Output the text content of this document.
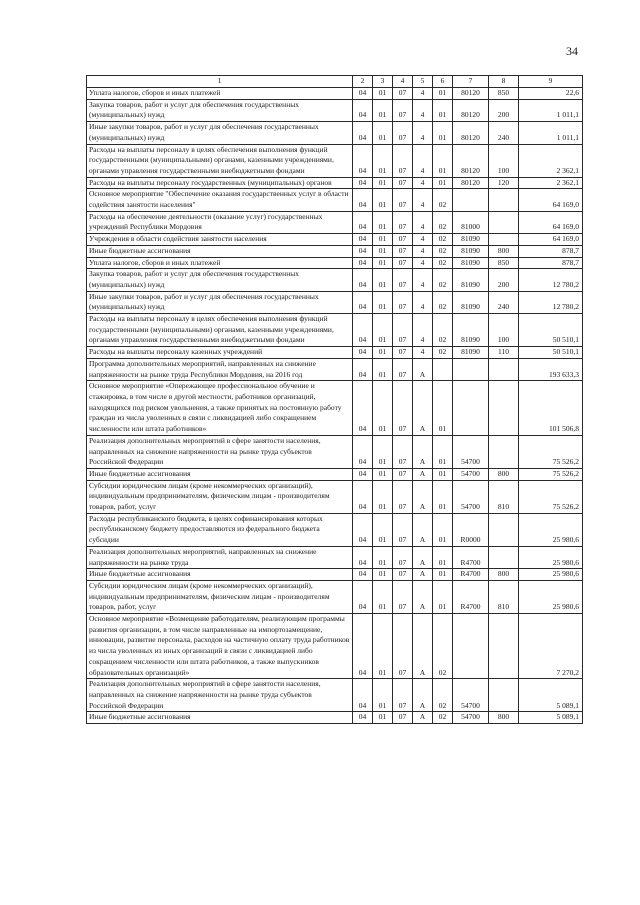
34
1	2	3	4	5	6	7	8	9
Уплата налогов, сборов и иных платежей	04	01	07	4	01	80120	850	22,6
Закупка товаров, работ и услуг для обеспечения государственных (муниципальных) нужд	04	01	07	4	01	80120	200	1 011,1
Иные закупки товаров, работ и услуг для обеспечения государственных (муниципальных) нужд	04	01	07	4	01	80120	240	1 011,1
Расходы на выплаты персоналу в целях обеспечения выполнения функций государственными (муниципальными) органами, казенными учреждениями, органами управления государственными внебюджетными фондами	04	01	07	4	01	80120	100	2 362,1
Расходы на выплаты персоналу государственных (муниципальных) органов	04	01	07	4	01	80120	120	2 362,1
Основное мероприятие "Обеспечение оказания государственных услуг в области содействия занятости населения"	04	01	07	4	02			64 169,0
Расходы на обеспечение деятельности (оказание услуг) государственных учреждений Республики Мордовия	04	01	07	4	02	81000		64 169,0
Учреждения в области содействия занятости населения	04	01	07	4	02	81090		64 169,0
Иные бюджетные ассигнования	04	01	07	4	02	81090	800	878,7
Уплата налогов, сборов и иных платежей	04	01	07	4	02	81090	850	878,7
Закупка товаров, работ и услуг для обеспечения государственных (муниципальных) нужд	04	01	07	4	02	81090	200	12 780,2
Иные закупки товаров, работ и услуг для обеспечения государственных (муниципальных) нужд	04	01	07	4	02	81090	240	12 780,2
Расходы на выплаты персоналу в целях обеспечения выполнения функций государственными (муниципальными) органами, казенными учреждениями, органами управления государственными внебюджетными фондами	04	01	07	4	02	81090	100	50 510,1
Расходы на выплаты персоналу казенных учреждений	04	01	07	4	02	81090	110	50 510,1
Программа дополнительных мероприятий, направленных на снижение напряженности на рынке труда Республики Мордовия, на 2016 год	04	01	07	А				193 633,3
Основное мероприятие «Опережающее профессиональное обучение и стажировка, в том числе в другой местности, работников организаций, находящихся под риском увольнения, а также принятых на постоянную работу граждан из числа уволенных в связи с ликвидацией либо сокращением численности или штата работников»	04	01	07	А	01			101 506,8
Реализация дополнительных мероприятий в сфере занятости населения, направленных на снижение напряженности на рынке труда субъектов Российской Федерации	04	01	07	А	01	54700		75 526,2
Иные бюджетные ассигнования	04	01	07	А	01	54700	800	75 526,2
Субсидии юридическим лицам (кроме некоммерческих организаций), индивидуальным предпринимателям, физическим лицам - производителям товаров, работ, услуг	04	01	07	А	01	54700	810	75 526,2
Расходы республиканского бюджета, в целях софинансирования которых республиканскому бюджету предоставляются из федерального бюджета субсидии	04	01	07	А	01	R0000		25 980,6
Реализация дополнительных мероприятий, направленных на снижение напряженности на рынке труда	04	01	07	А	01	R4700		25 980,6
Иные бюджетные ассигнования	04	01	07	А	01	R4700	800	25 980,6
Субсидии юридическим лицам (кроме некоммерческих организаций), индивидуальным предпринимателям, физическим лицам - производителям товаров, работ, услуг	04	01	07	А	01	R4700	810	25 980,6
Основное мероприятие «Возмещение работодателям, реализующим программы развития организации, в том числе направленные на импортозамещение, инновации, развитие персонала, расходов на частичную оплату труда работников из числа уволенных из иных организаций в связи с ликвидацией либо сокращением численности или штата работников, а также выпускников образовательных организаций»	04	01	07	А	02			7 270,2
Реализация дополнительных мероприятий в сфере занятости населения, направленных на снижение напряженности на рынке труда субъектов Российской Федерации	04	01	07	А	02	54700		5 089,1
Иные бюджетные ассигнования	04	01	07	А	02	54700	800	5 089,1
